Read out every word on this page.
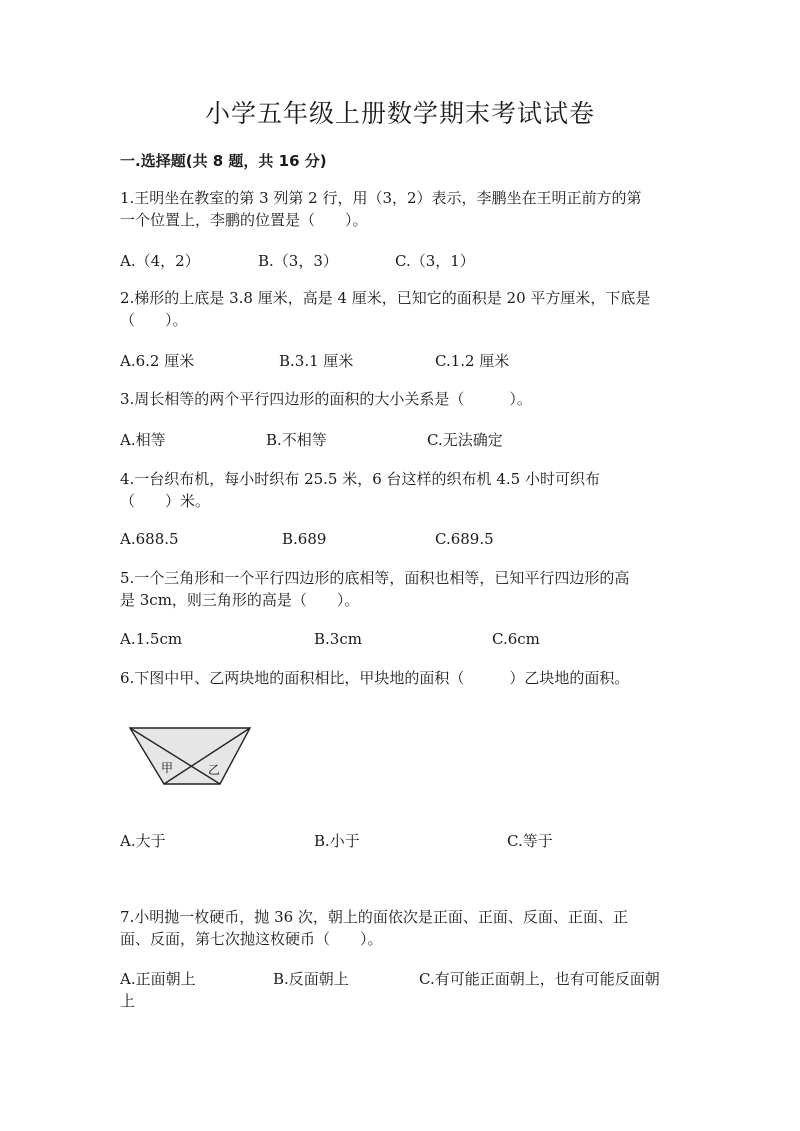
小学五年级上册数学期末考试试卷
一.选择题(共 8 题，共 16 分)
1.王明坐在教室的第 3 列第 2 行，用（3，2）表示，李鹏坐在王明正前方的第
一个位置上，李鹏的位置是（　　）。
A.（4，2）	B.（3，3）	C.（3，1）
2.梯形的上底是 3.8 厘米，高是 4 厘米，已知它的面积是 20 平方厘米，下底是
（　　）。
A.6.2 厘米	B.3.1 厘米	C.1.2 厘米
3.周长相等的两个平行四边形的面积的大小关系是（　　　）。
A.相等	B.不相等	C.无法确定
4.一台织布机，每小时织布 25.5 米，6 台这样的织布机 4.5 小时可织布
（　　）米。
A.688.5	B.689	C.689.5
5.一个三角形和一个平行四边形的底相等，面积也相等，已知平行四边形的高
是 3cm，则三角形的高是（　　）。
A.1.5cm	B.3cm	C.6cm
6.下图中甲、乙两块地的面积相比，甲块地的面积（　　　）乙块地的面积。
甲	乙
A.大于	B.小于	C.等于
7.小明抛一枚硬币，抛 36 次，朝上的面依次是正面、正面、反面、正面、正
面、反面，第七次抛这枚硬币（　　）。
A.正面朝上	B.反面朝上	C.有可能正面朝上，也有可能反面朝
上
